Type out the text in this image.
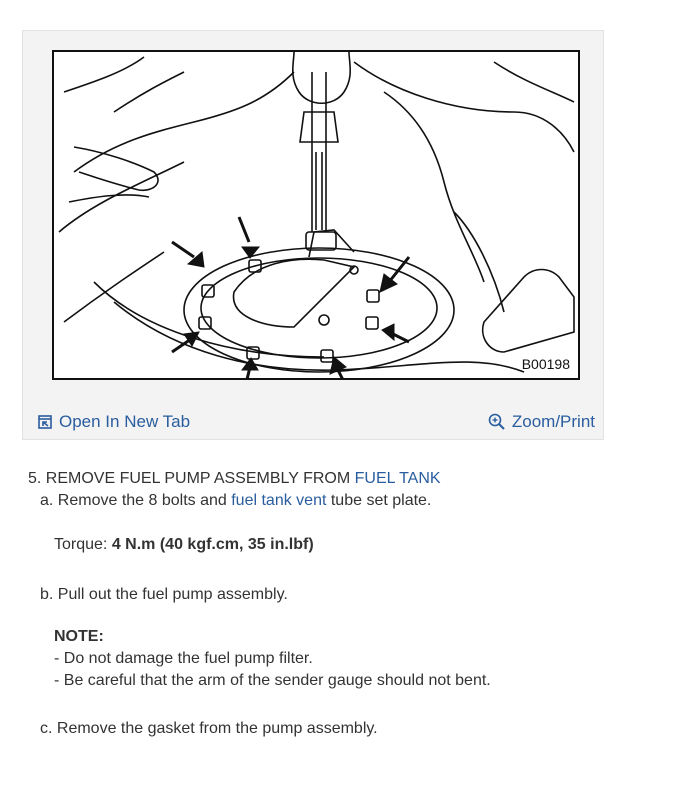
B00198
Open In New Tab	Zoom/Print

5. REMOVE FUEL PUMP ASSEMBLY FROM FUEL TANK

a. Remove the 8 bolts and fuel tank vent tube set plate.

Torque: 4 N.m (40 kgf.cm, 35 in.lbf)

b. Pull out the fuel pump assembly.

NOTE:
- Do not damage the fuel pump filter.
- Be careful that the arm of the sender gauge should not bent.

c. Remove the gasket from the pump assembly.
